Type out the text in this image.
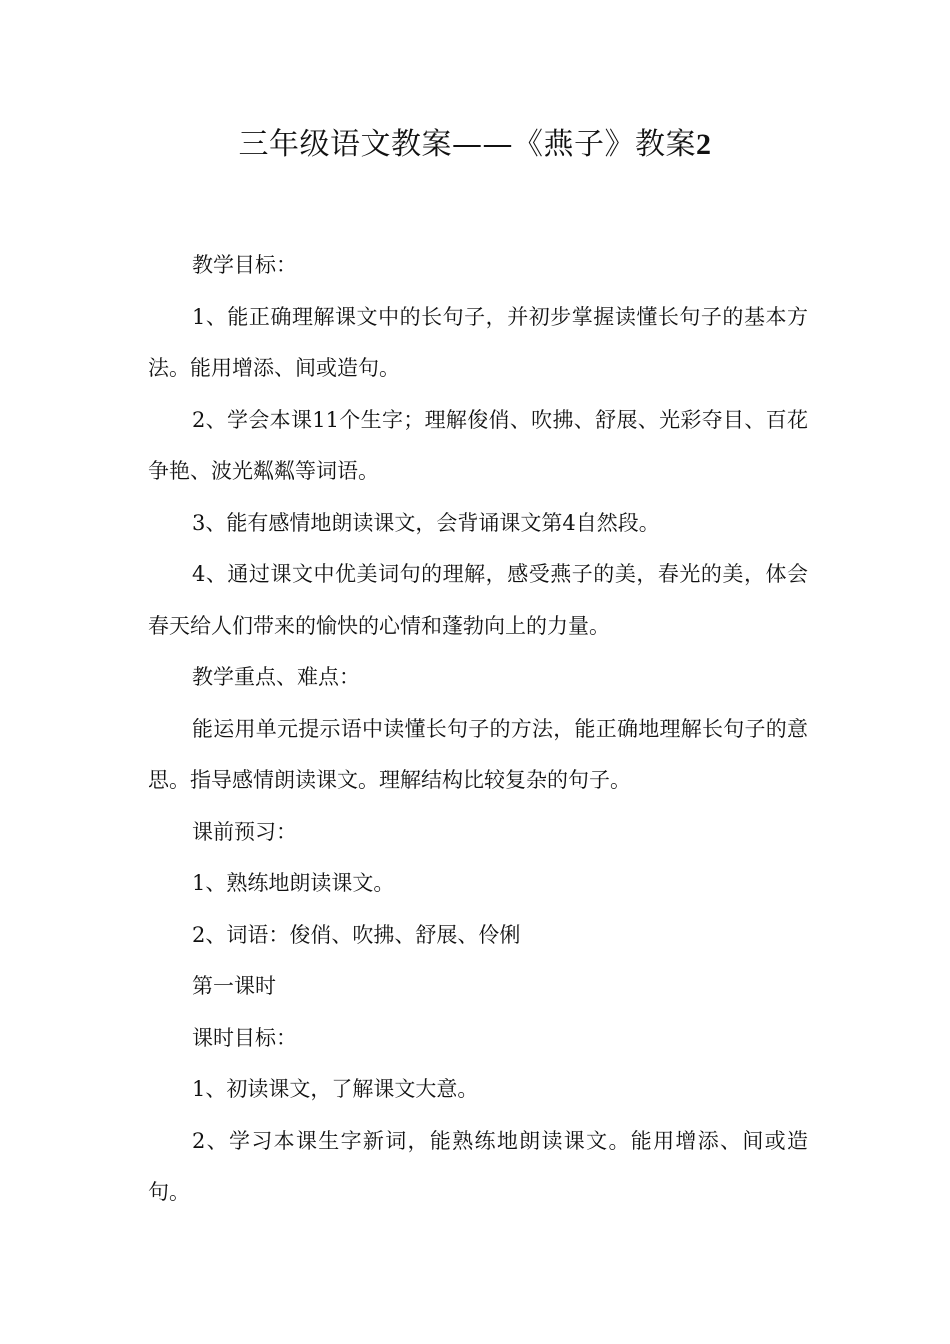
三年级语文教案——《燕子》教案2

教学目标：

1、能正确理解课文中的长句子，并初步掌握读懂长句子的基本方法。能用增添、间或造句。

2、学会本课11个生字；理解俊俏、吹拂、舒展、光彩夺目、百花争艳、波光粼粼等词语。

3、能有感情地朗读课文，会背诵课文第4自然段。

4、通过课文中优美词句的理解，感受燕子的美，春光的美，体会春天给人们带来的愉快的心情和蓬勃向上的力量。

教学重点、难点：

能运用单元提示语中读懂长句子的方法，能正确地理解长句子的意思。指导感情朗读课文。理解结构比较复杂的句子。

课前预习：

1、熟练地朗读课文。

2、词语：俊俏、吹拂、舒展、伶俐

第一课时

课时目标：

1、初读课文，了解课文大意。

2、学习本课生字新词，能熟练地朗读课文。能用增添、间或造句。
